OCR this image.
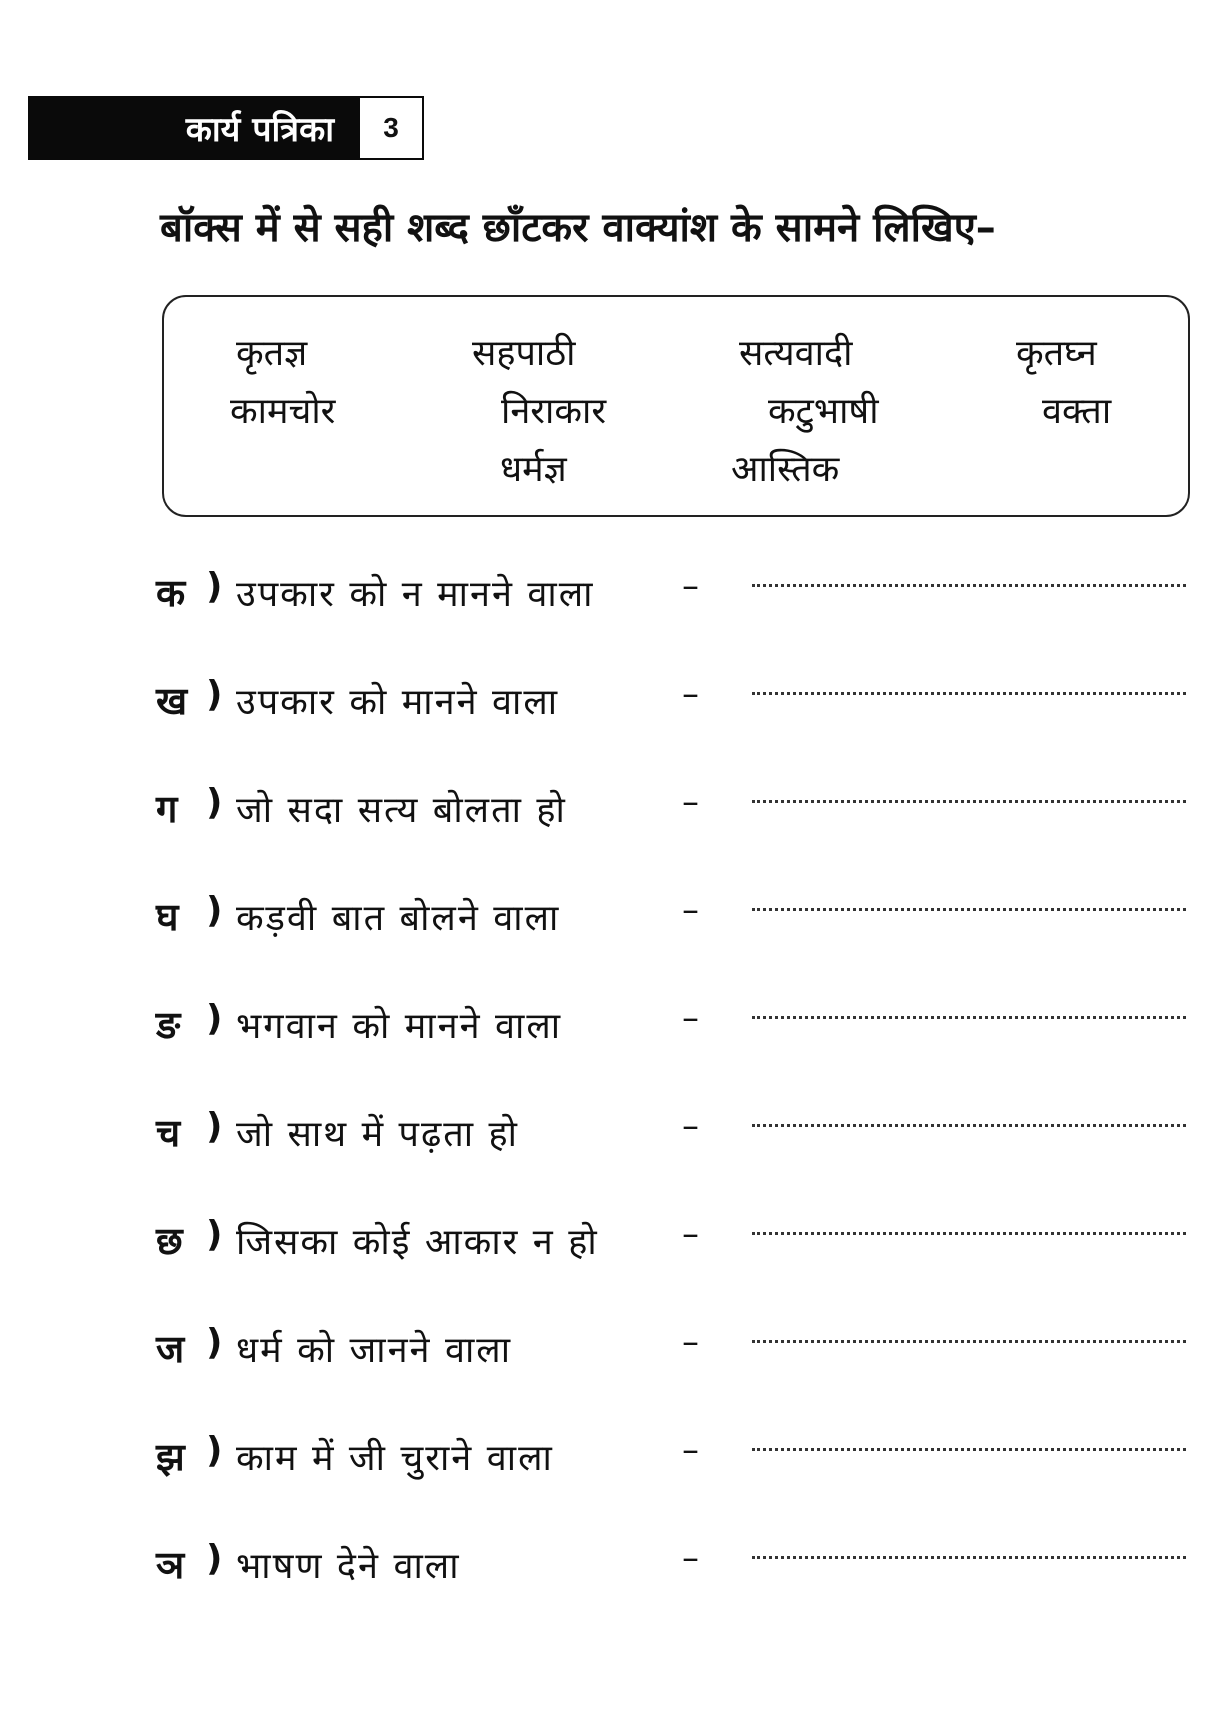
कार्य पत्रिका	3
बॉक्स में से सही शब्द छाँटकर वाक्यांश के सामने लिखिए–
कृतज्ञ	सहपाठी	सत्यवादी	कृतघ्न
कामचोर	निराकार	कटुभाषी	वक्ता
धर्मज्ञ	आस्तिक
क ) उपकार को न मानने वाला	–
ख ) उपकार को मानने वाला	–
ग ) जो सदा सत्य बोलता हो	–
घ ) कड़वी बात बोलने वाला	–
ङ ) भगवान को मानने वाला	–
च ) जो साथ में पढ़ता हो	–
छ ) जिसका कोई आकार न हो –
ज ) धर्म को जानने वाला	–
झ ) काम में जी चुराने वाला	–
ञ ) भाषण देने वाला	–
